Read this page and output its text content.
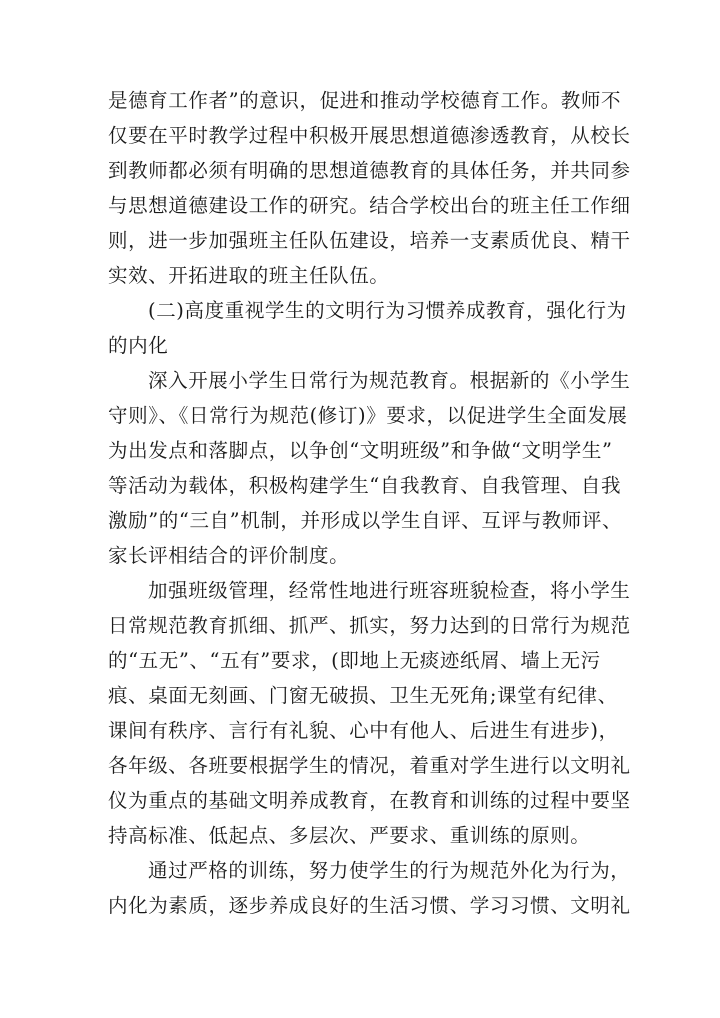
是德育工作者”的意识，促进和推动学校德育工作。教师不
仅要在平时教学过程中积极开展思想道德渗透教育，从校长
到教师都必须有明确的思想道德教育的具体任务，并共同参
与思想道德建设工作的研究。结合学校出台的班主任工作细
则，进一步加强班主任队伍建设，培养一支素质优良、精干
实效、开拓进取的班主任队伍。
(二)高度重视学生的文明行为习惯养成教育，强化行为
的内化
深入开展小学生日常行为规范教育。根据新的《小学生
守则》、《日常行为规范(修订)》要求，以促进学生全面发展
为出发点和落脚点，以争创“文明班级”和争做“文明学生”
等活动为载体，积极构建学生“自我教育、自我管理、自我
激励”的“三自”机制，并形成以学生自评、互评与教师评、
家长评相结合的评价制度。
加强班级管理，经常性地进行班容班貌检查，将小学生
日常规范教育抓细、抓严、抓实，努力达到的日常行为规范
的“五无”、“五有”要求，(即地上无痰迹纸屑、墙上无污
痕、桌面无刻画、门窗无破损、卫生无死角;课堂有纪律、
课间有秩序、言行有礼貌、心中有他人、后进生有进步)，
各年级、各班要根据学生的情况，着重对学生进行以文明礼
仪为重点的基础文明养成教育，在教育和训练的过程中要坚
持高标准、低起点、多层次、严要求、重训练的原则。
通过严格的训练，努力使学生的行为规范外化为行为，
内化为素质，逐步养成良好的生活习惯、学习习惯、文明礼
